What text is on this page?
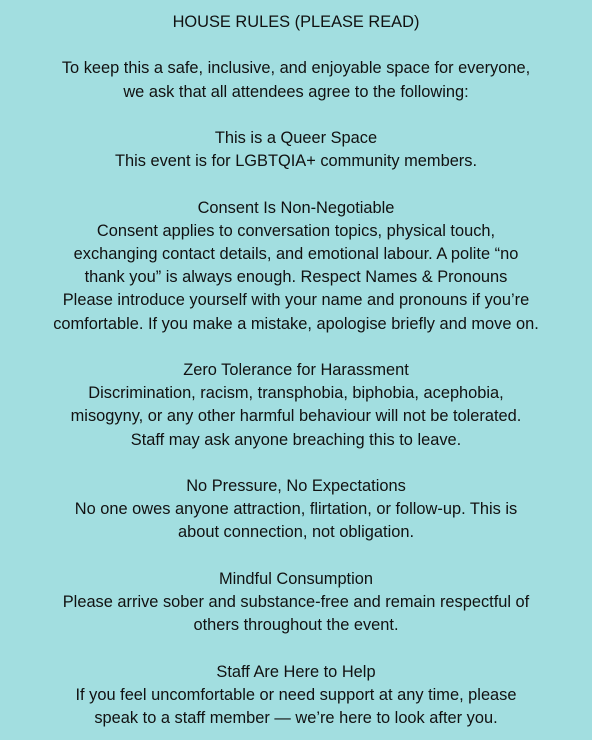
HOUSE RULES (PLEASE READ)
To keep this a safe, inclusive, and enjoyable space for everyone,
we ask that all attendees agree to the following:
This is a Queer Space
This event is for LGBTQIA+ community members.
Consent Is Non-Negotiable
Consent applies to conversation topics, physical touch,
exchanging contact details, and emotional labour. A polite “no
thank you” is always enough. Respect Names & Pronouns
Please introduce yourself with your name and pronouns if you’re
comfortable. If you make a mistake, apologise briefly and move on.
Zero Tolerance for Harassment
Discrimination, racism, transphobia, biphobia, acephobia,
misogyny, or any other harmful behaviour will not be tolerated.
Staff may ask anyone breaching this to leave.
No Pressure, No Expectations
No one owes anyone attraction, flirtation, or follow-up. This is
about connection, not obligation.
Mindful Consumption
Please arrive sober and substance-free and remain respectful of
others throughout the event.
Staff Are Here to Help
If you feel uncomfortable or need support at any time, please
speak to a staff member — we’re here to look after you.
